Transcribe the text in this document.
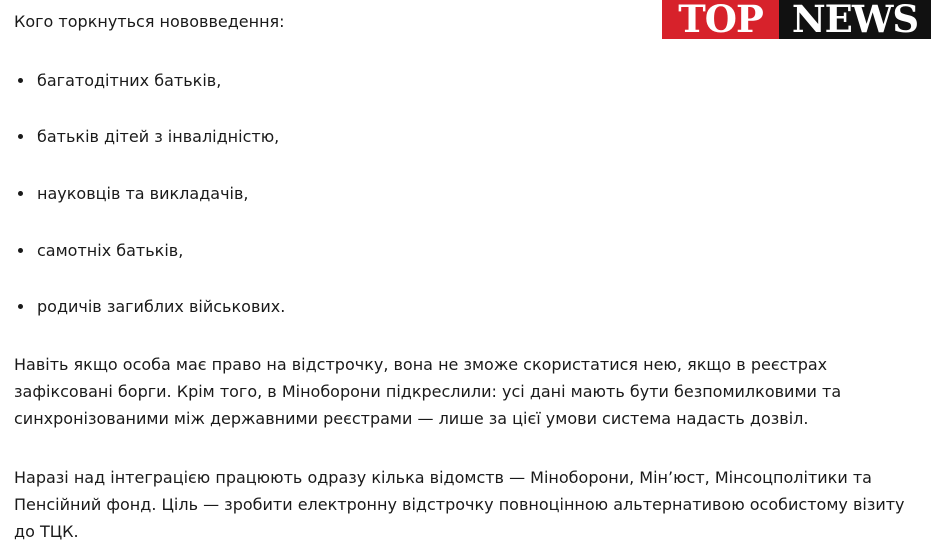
Кого торкнуться нововведення:

багатодітних батьків,
батьків дітей з інвалідністю,
науковців та викладачів,
самотніх батьків,
родичів загиблих військових.

Навіть якщо особа має право на відстрочку, вона не зможе скористатися нею, якщо в реєстрах зафіксовані борги. Крім того, в Міноборони підкреслили: усі дані мають бути безпомилковими та синхронізованими між державними реєстрами — лише за цієї умови система надасть дозвіл.

Наразі над інтеграцією працюють одразу кілька відомств — Міноборони, Мін’юст, Мінсоцполітики та Пенсійний фонд. Ціль — зробити електронну відстрочку повноцінною альтернативою особистому візиту до ТЦК.

TOP NEWS
